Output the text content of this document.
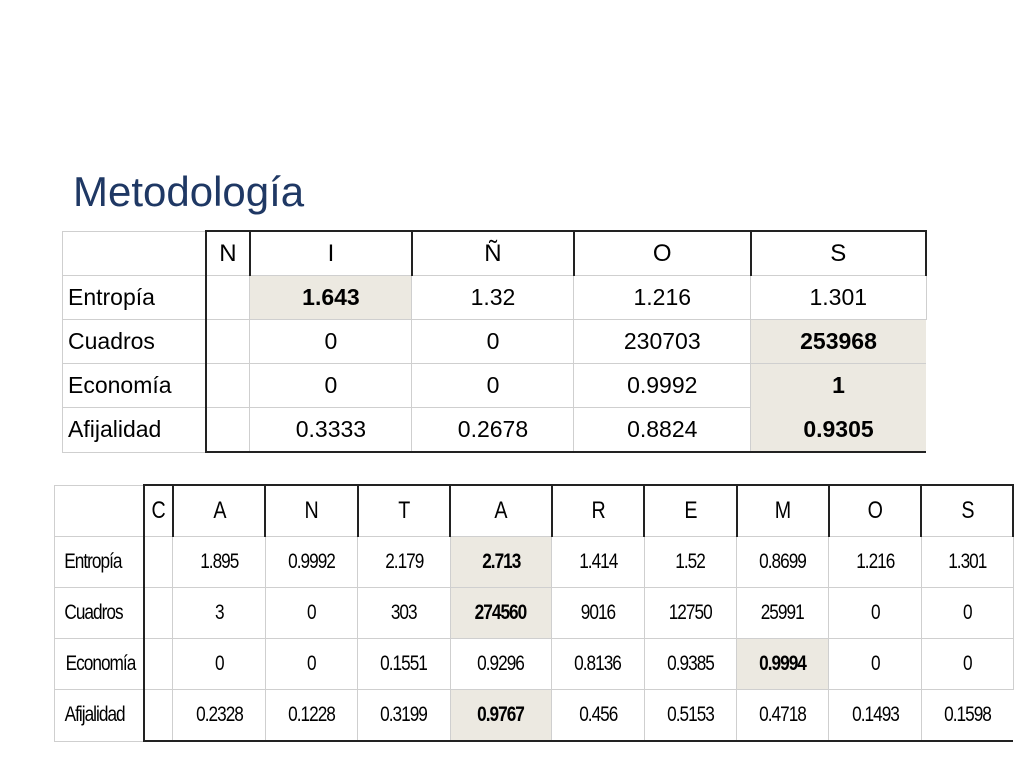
Metodología
	N	I	Ñ	O	S
Entropía		1.643	1.32	1.216	1.301
Cuadros		0	0	230703	253968
Economía		0	0	0.9992	1
Afijalidad		0.3333	0.2678	0.8824	0.9305
	C	A	N	T	A	R	E	M	O	S
Entropía		1.895	0.9992	2.179	2.713	1.414	1.52	0.8699	1.216	1.301
Cuadros		3	0	303	274560	9016	12750	25991	0	0
Economía		0	0	0.1551	0.9296	0.8136	0.9385	0.9994	0	0
Afijalidad		0.2328	0.1228	0.3199	0.9767	0.456	0.5153	0.4718	0.1493	0.1598
